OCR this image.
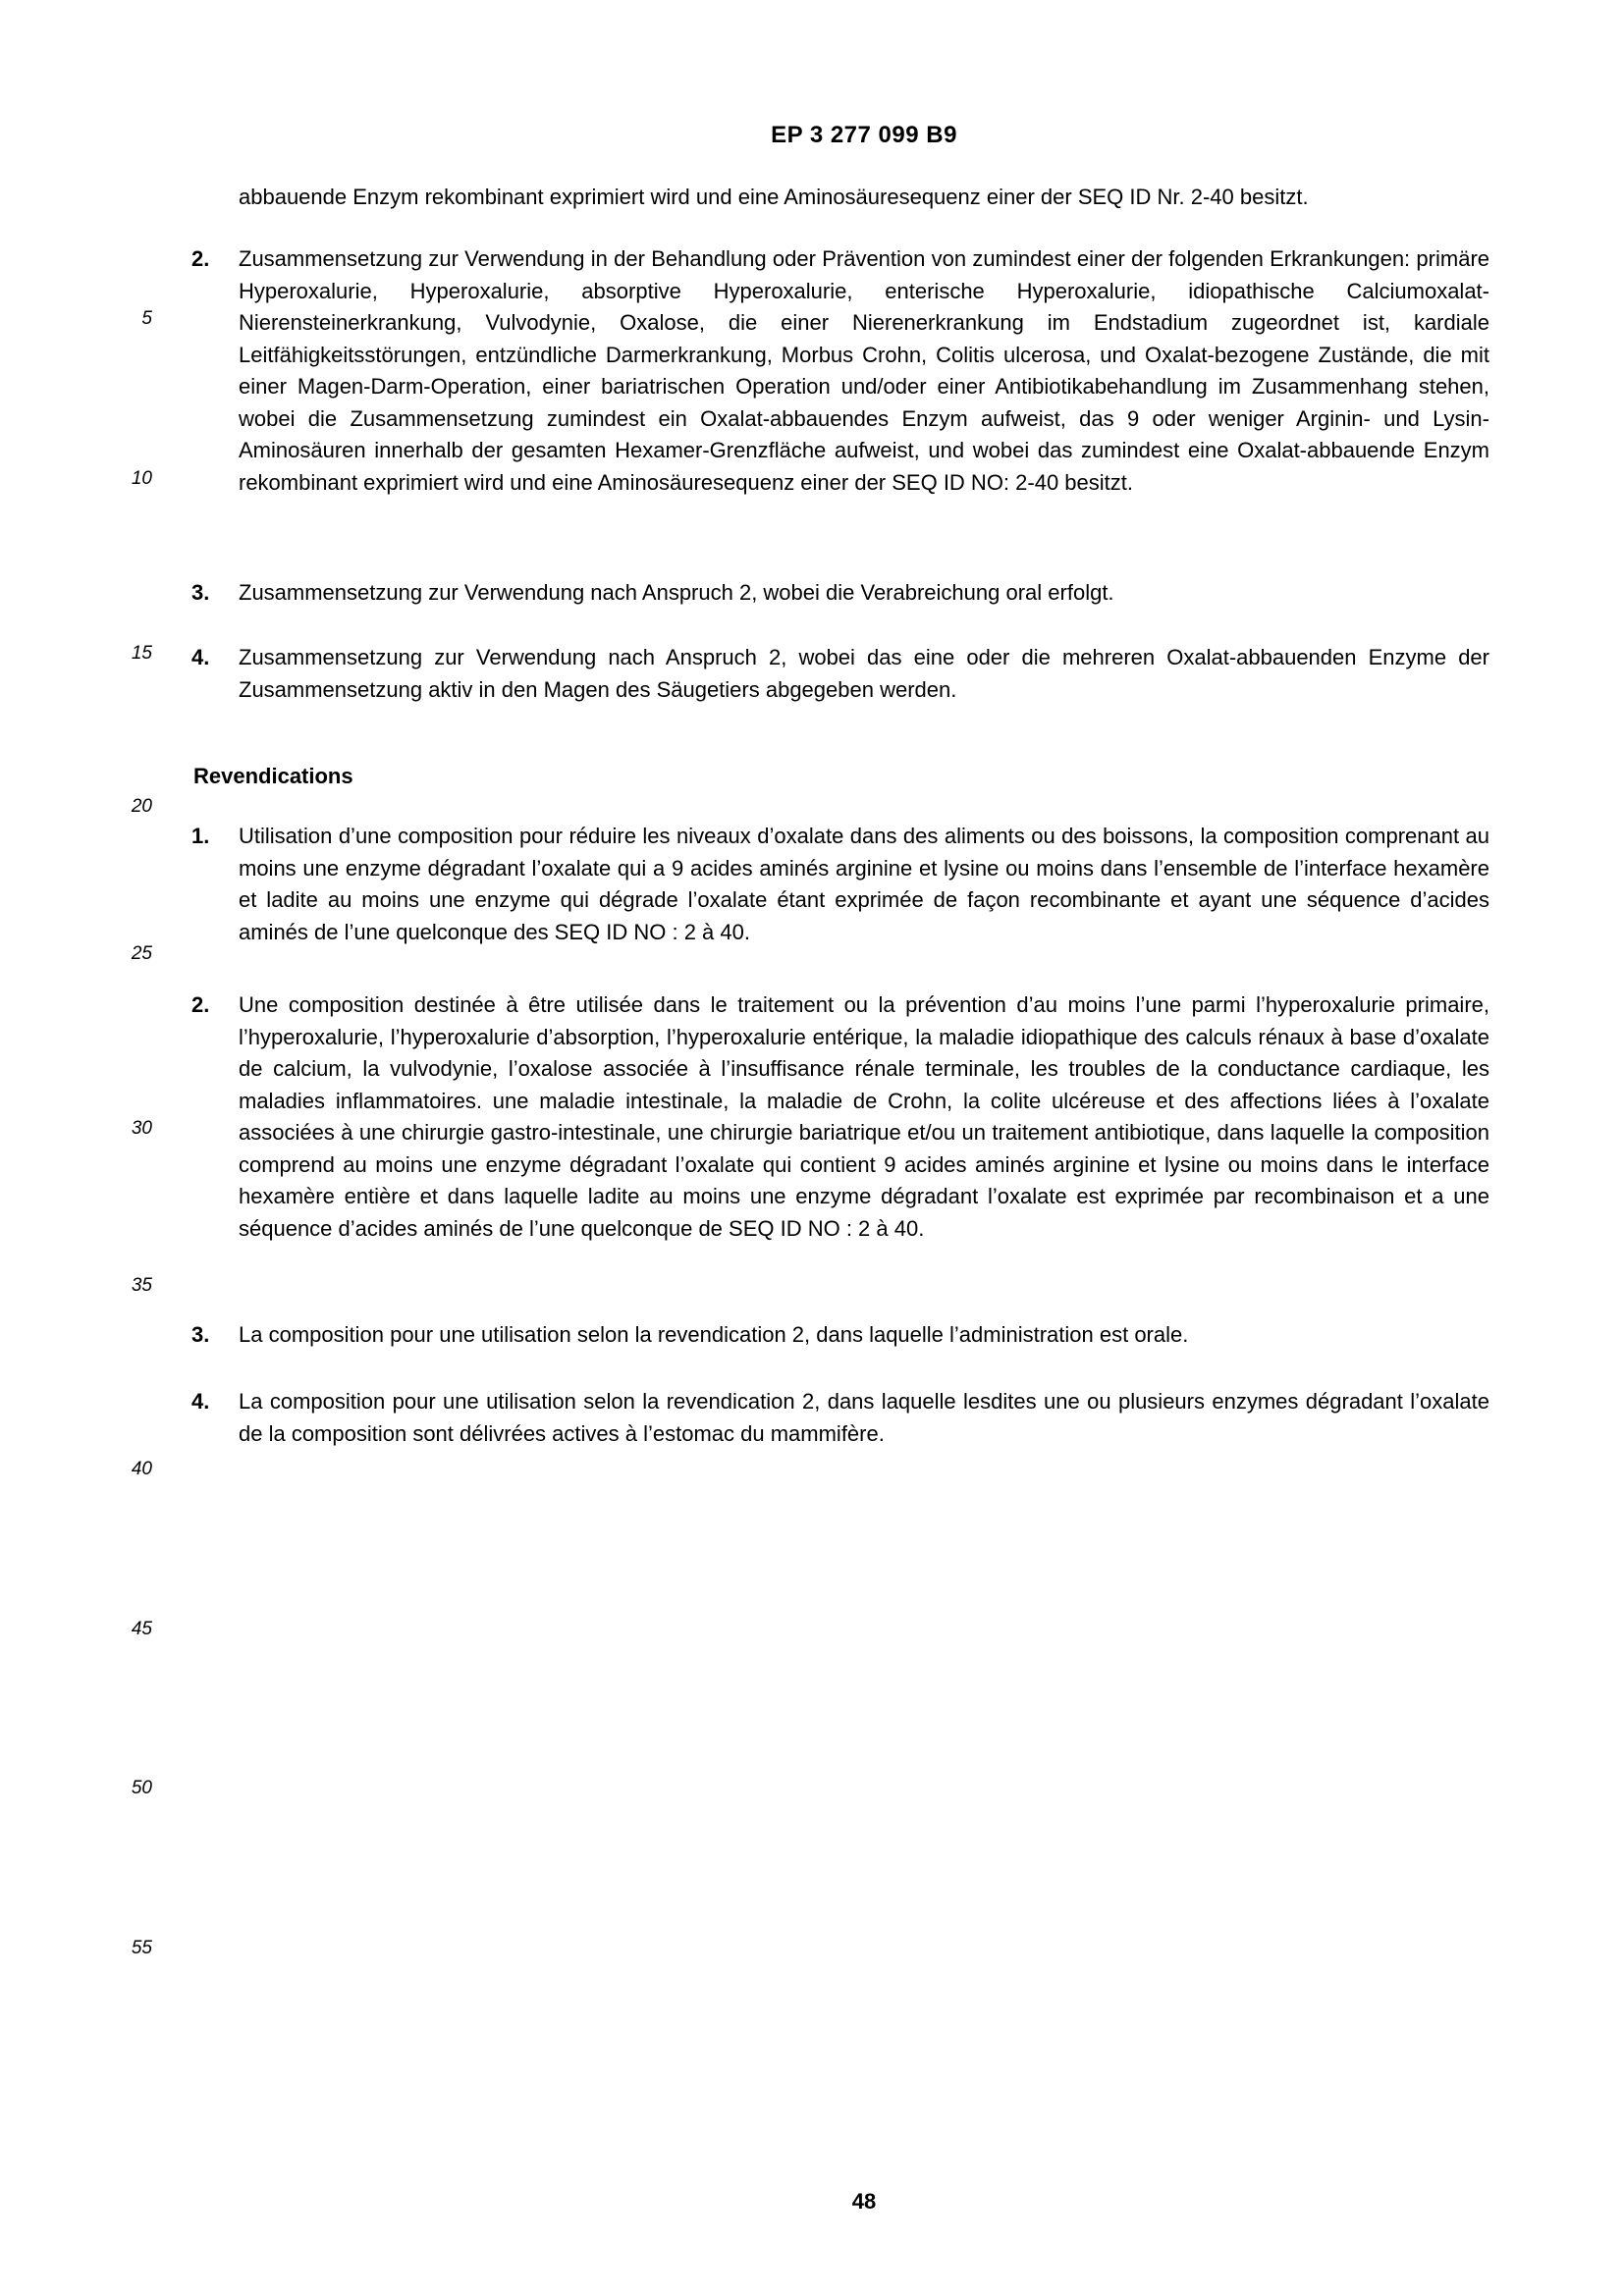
EP 3 277 099 B9
5
10
15
20
25
30
35
40
45
50
55

abbauende Enzym rekombinant exprimiert wird und eine Aminosäuresequenz einer der SEQ ID Nr. 2-40 besitzt.

2. Zusammensetzung zur Verwendung in der Behandlung oder Prävention von zumindest einer der folgenden Erkrankungen: primäre Hyperoxalurie, Hyperoxalurie, absorptive Hyperoxalurie, enterische Hyperoxalurie, idiopathische Calciumoxalat-Nierensteinerkrankung, Vulvodynie, Oxalose, die einer Nierenerkrankung im Endstadium zugeordnet ist, kardiale Leitfähigkeitsstörungen, entzündliche Darmerkrankung, Morbus Crohn, Colitis ulcerosa, und Oxalat-bezogene Zustände, die mit einer Magen-Darm-Operation, einer bariatrischen Operation und/oder einer Antibiotikabehandlung im Zusammenhang stehen, wobei die Zusammensetzung zumindest ein Oxalat-abbauendes Enzym aufweist, das 9 oder weniger Arginin- und Lysin-Aminosäuren innerhalb der gesamten Hexamer-Grenzfläche aufweist, und wobei das zumindest eine Oxalat-abbauende Enzym rekombinant exprimiert wird und eine Aminosäuresequenz einer der SEQ ID NO: 2-40 besitzt.

3. Zusammensetzung zur Verwendung nach Anspruch 2, wobei die Verabreichung oral erfolgt.

4. Zusammensetzung zur Verwendung nach Anspruch 2, wobei das eine oder die mehreren Oxalat-abbauenden Enzyme der Zusammensetzung aktiv in den Magen des Säugetiers abgegeben werden.

Revendications
1. Utilisation d’une composition pour réduire les niveaux d’oxalate dans des aliments ou des boissons, la composition comprenant au moins une enzyme dégradant l’oxalate qui a 9 acides aminés arginine et lysine ou moins dans l’ensemble de l’interface hexamère et ladite au moins une enzyme qui dégrade l’oxalate étant exprimée de façon recombinante et ayant une séquence d’acides aminés de l’une quelconque des SEQ ID NO : 2 à 40.

2. Une composition destinée à être utilisée dans le traitement ou la prévention d’au moins l’une parmi l’hyperoxalurie primaire, l’hyperoxalurie, l’hyperoxalurie d’absorption, l’hyperoxalurie entérique, la maladie idiopathique des calculs rénaux à base d’oxalate de calcium, la vulvodynie, l’oxalose associée à l’insuffisance rénale terminale, les troubles de la conductance cardiaque, les maladies inflammatoires. une maladie intestinale, la maladie de Crohn, la colite ulcéreuse et des affections liées à l’oxalate associées à une chirurgie gastro-intestinale, une chirurgie bariatrique et/ou un traitement antibiotique, dans laquelle la composition comprend au moins une enzyme dégradant l’oxalate qui contient 9 acides aminés arginine et lysine ou moins dans le interface hexamère entière et dans laquelle ladite au moins une enzyme dégradant l’oxalate est exprimée par recombinaison et a une séquence d’acides aminés de l’une quelconque de SEQ ID NO : 2 à 40.

3. La composition pour une utilisation selon la revendication 2, dans laquelle l’administration est orale.

4. La composition pour une utilisation selon la revendication 2, dans laquelle lesdites une ou plusieurs enzymes dégradant l’oxalate de la composition sont délivrées actives à l’estomac du mammifère.

48
